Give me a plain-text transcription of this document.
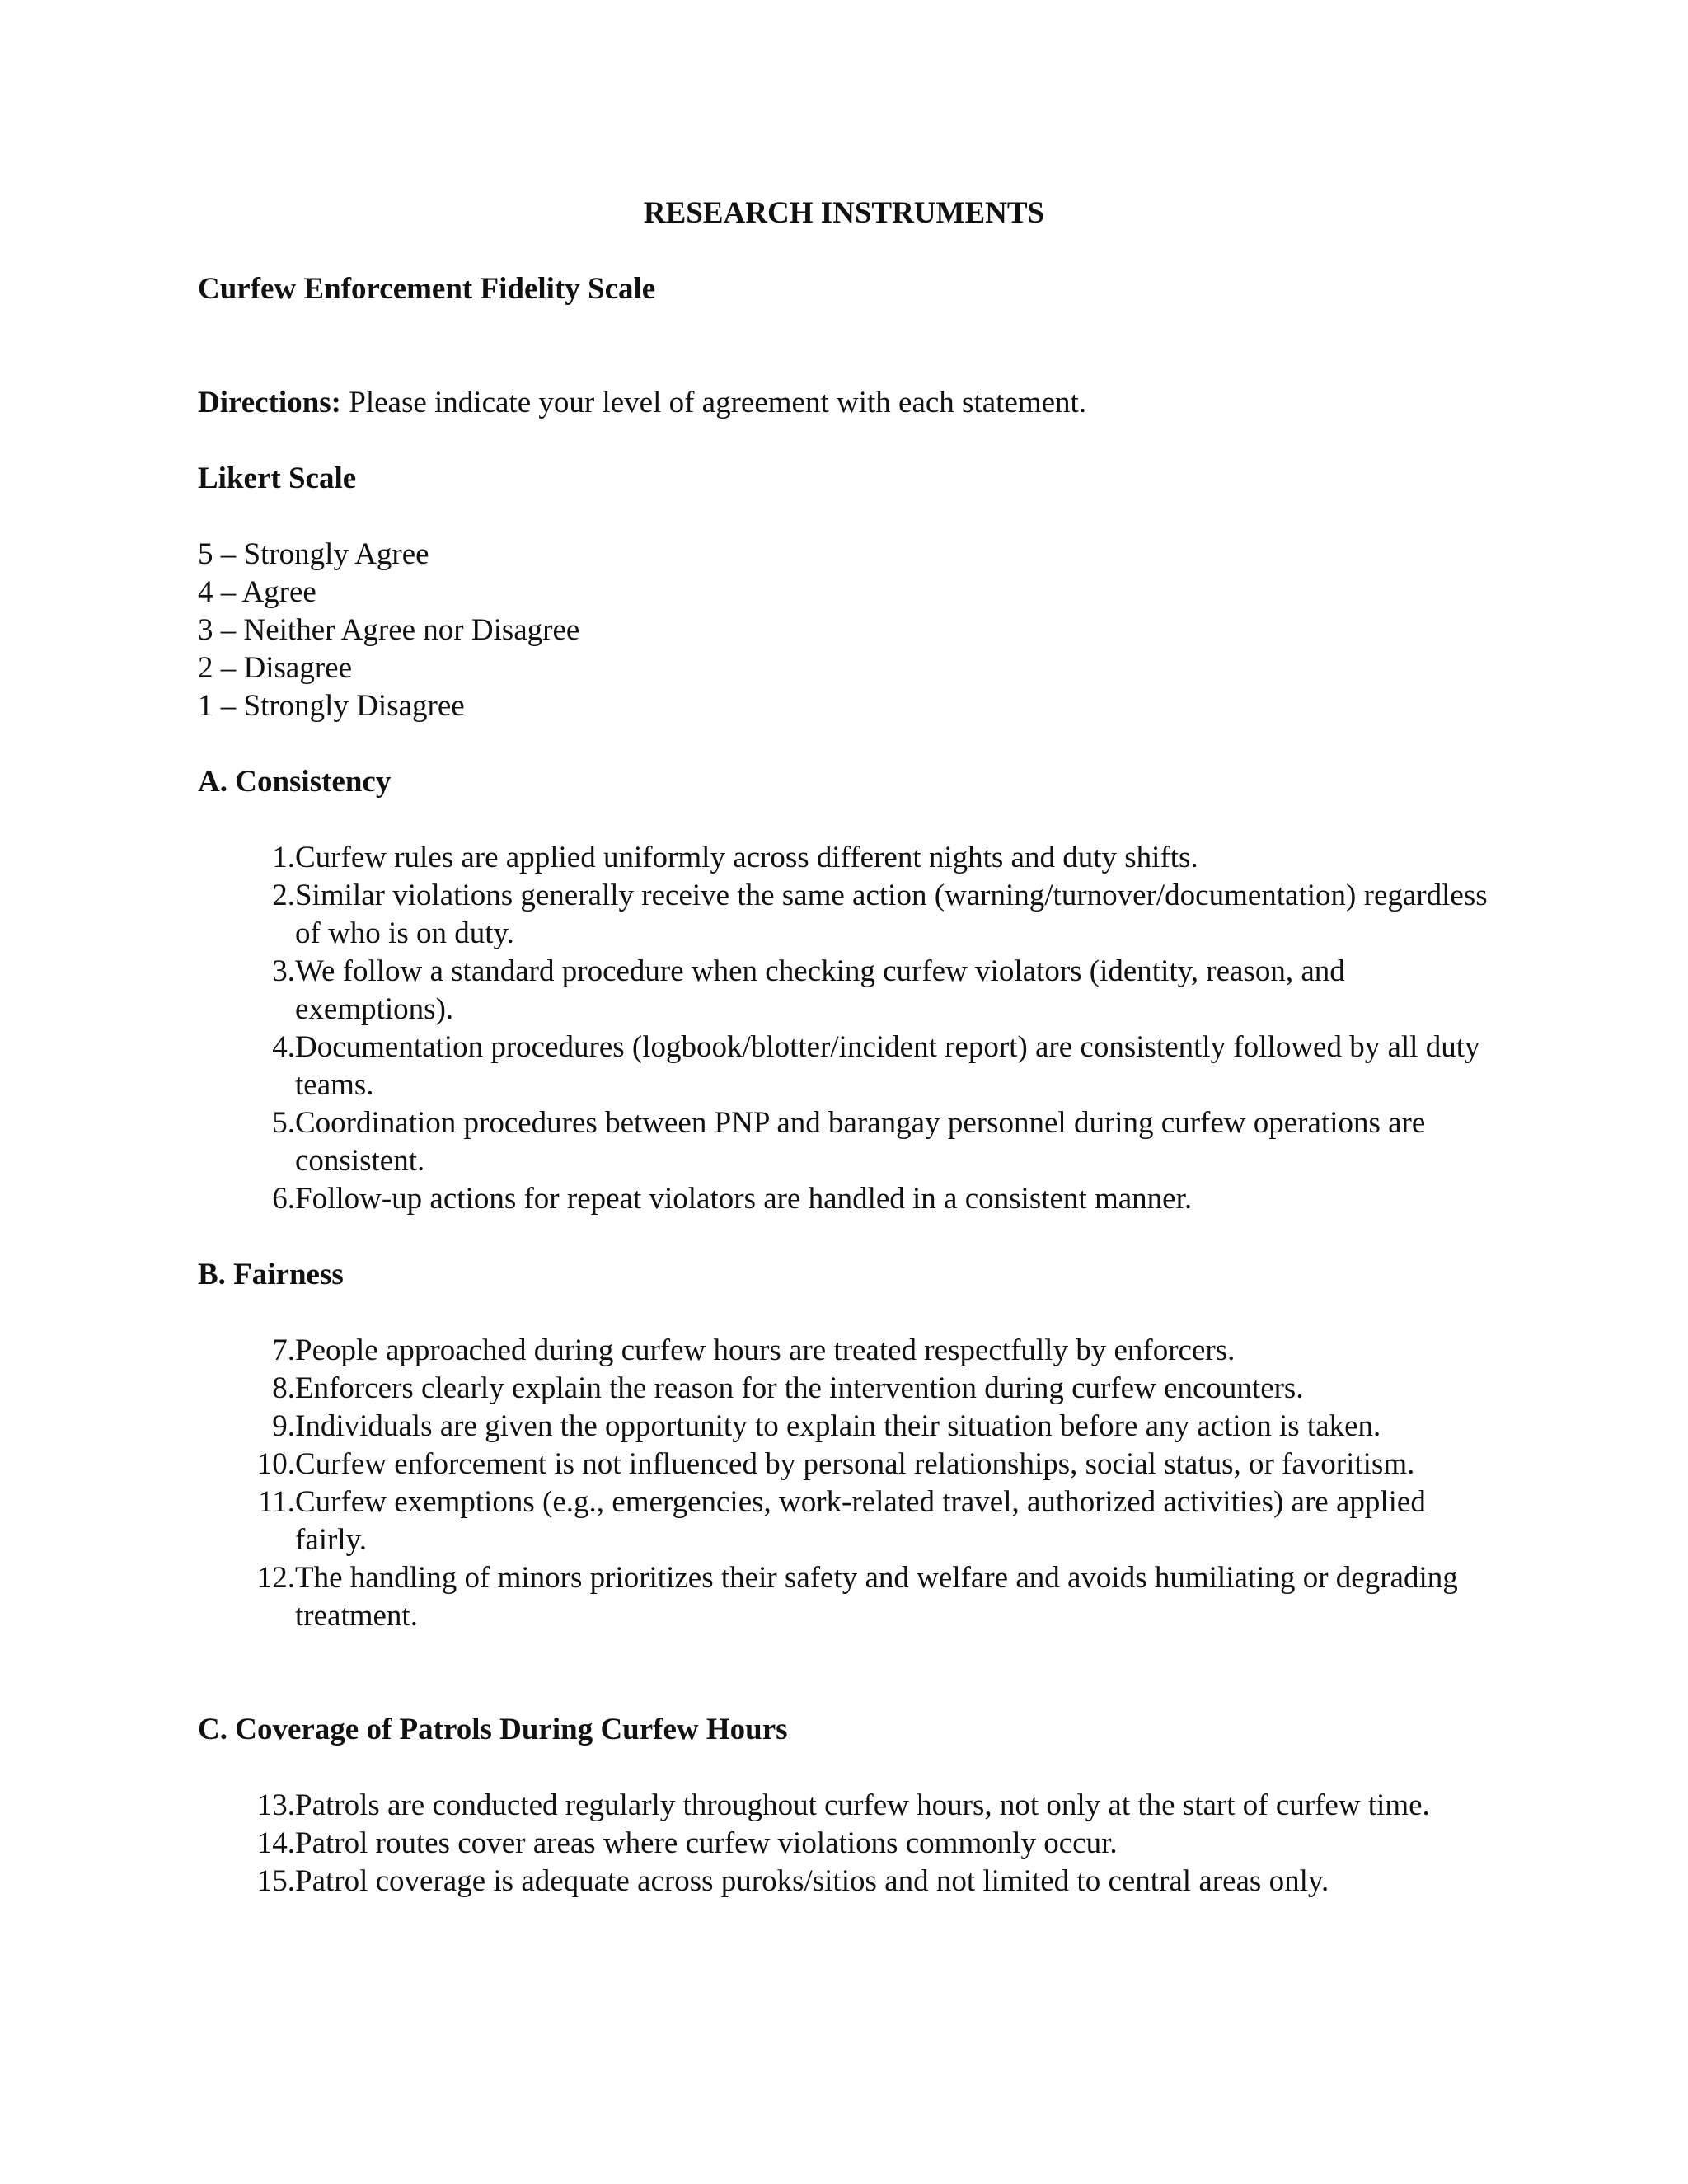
RESEARCH INSTRUMENTS
Curfew Enforcement Fidelity Scale

Directions: Please indicate your level of agreement with each statement.

Likert Scale
5 – Strongly Agree
4 – Agree
3 – Neither Agree nor Disagree
2 – Disagree
1 – Strongly Disagree
A. Consistency
1. Curfew rules are applied uniformly across different nights and duty shifts.
2. Similar violations generally receive the same action (warning/turnover/documentation) regardless of who is on duty.
3. We follow a standard procedure when checking curfew violators (identity, reason, and exemptions).
4. Documentation procedures (logbook/blotter/incident report) are consistently followed by all duty teams.
5. Coordination procedures between PNP and barangay personnel during curfew operations are consistent.
6. Follow-up actions for repeat violators are handled in a consistent manner.
B. Fairness
7. People approached during curfew hours are treated respectfully by enforcers.
8. Enforcers clearly explain the reason for the intervention during curfew encounters.
9. Individuals are given the opportunity to explain their situation before any action is taken.
10. Curfew enforcement is not influenced by personal relationships, social status, or favoritism.
11. Curfew exemptions (e.g., emergencies, work-related travel, authorized activities) are applied fairly.
12. The handling of minors prioritizes their safety and welfare and avoids humiliating or degrading treatment.
C. Coverage of Patrols During Curfew Hours
13. Patrols are conducted regularly throughout curfew hours, not only at the start of curfew time.
14. Patrol routes cover areas where curfew violations commonly occur.
15. Patrol coverage is adequate across puroks/sitios and not limited to central areas only.
